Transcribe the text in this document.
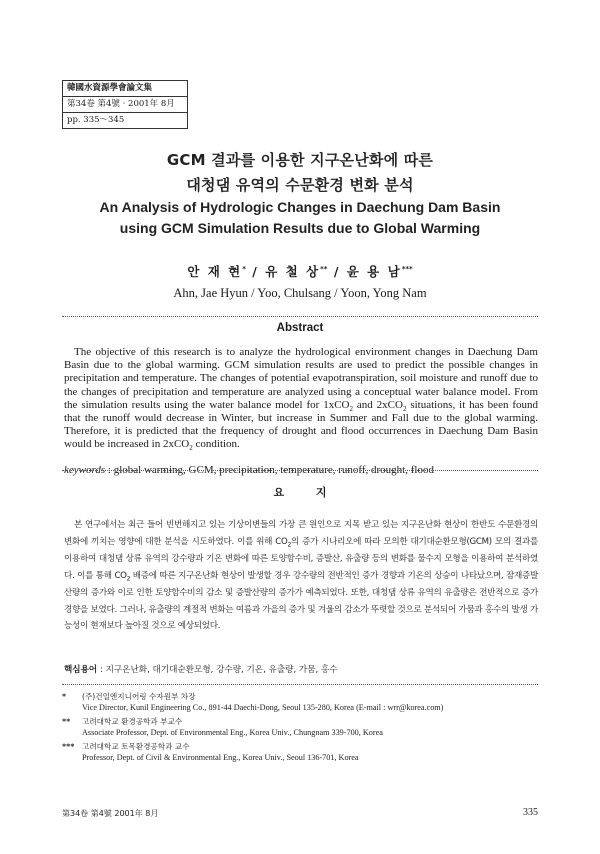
韓國水資源學會論文集
第34卷 第4號 · 2001年 8月
pp. 335～345
GCM 결과를 이용한 지구온난화에 따른
대청댐 유역의 수문환경 변화 분석
An Analysis of Hydrologic Changes in Daechung Dam Basin
using GCM Simulation Results due to Global Warming
안 재 현* / 유 철 상** / 윤 용 남***
Ahn, Jae Hyun / Yoo, Chulsang / Yoon, Yong Nam
Abstract
The objective of this research is to analyze the hydrological environment changes in Daechung Dam Basin due to the global warming. GCM simulation results are used to predict the possible changes in precipitation and temperature. The changes of potential evapotranspiration, soil moisture and runoff due to the changes of precipitation and temperature are analyzed using a conceptual water balance model. From the simulation results using the water balance model for 1xCO$_2$ and 2xCO$_2$ situations, it has been found that the runoff would decrease in Winter, but increase in Summer and Fall due to the global warming. Therefore, it is predicted that the frequency of drought and flood occurrences in Daechung Dam Basin would be increased in 2xCO$_2$ condition.
keywords : global warming, GCM, precipitation, temperature, runoff, drought, flood
요 지
본 연구에서는 최근 들어 빈번해지고 있는 기상이변들의 가장 큰 원인으로 지목 받고 있는 지구온난화 현상이 한반도 수문환경의 변화에 끼치는 영향에 대한 분석을 시도하였다. 이를 위해 $CO_2$의 증가 시나리오에 따라 모의한 대기대순환모형(GCM) 모의 결과를 이용하여 대청댐 상류 유역의 강수량과 기온 변화에 따른 토양함수비, 증발산, 유출량 등의 변화를 물수지 모형을 이용하여 분석하였다. 이를 통해 $CO_2$ 배증에 따른 지구온난화 현상이 발생할 경우 강수량의 전반적인 증가 경향과 기온의 상승이 나타났으며, 잠재증발산량의 증가와 이로 인한 토양함수비의 감소 및 증발산량의 증가가 예측되었다. 또한, 대청댐 상류 유역의 유출량은 전반적으로 증가경향을 보였다. 그러나, 유출량의 계절적 변화는 여름과 가을의 증가 및 겨울의 감소가 뚜렷할 것으로 분석되어 가뭄과 홍수의 발생 가능성이 현재보다 높아질 것으로 예상되었다.
핵심용어 : 지구온난화, 대기대순환모형, 강수량, 기온, 유출량, 가뭄, 홍수
* (주)건일엔지니어링 수자원부 차장
Vice Director, Kunil Engineering Co., 891-44 Daechi-Dong, Seoul 135-280, Korea (E-mail : wrr@korea.com)
** 고려대학교 환경공학과 부교수
Associate Professor, Dept. of Environmental Eng., Korea Univ., Chungnam 339-700, Korea
*** 고려대학교 토목환경공학과 교수
Professor, Dept. of Civil & Environmental Eng., Korea Univ., Seoul 136-701, Korea
第34卷 第4號 2001年 8月	335
